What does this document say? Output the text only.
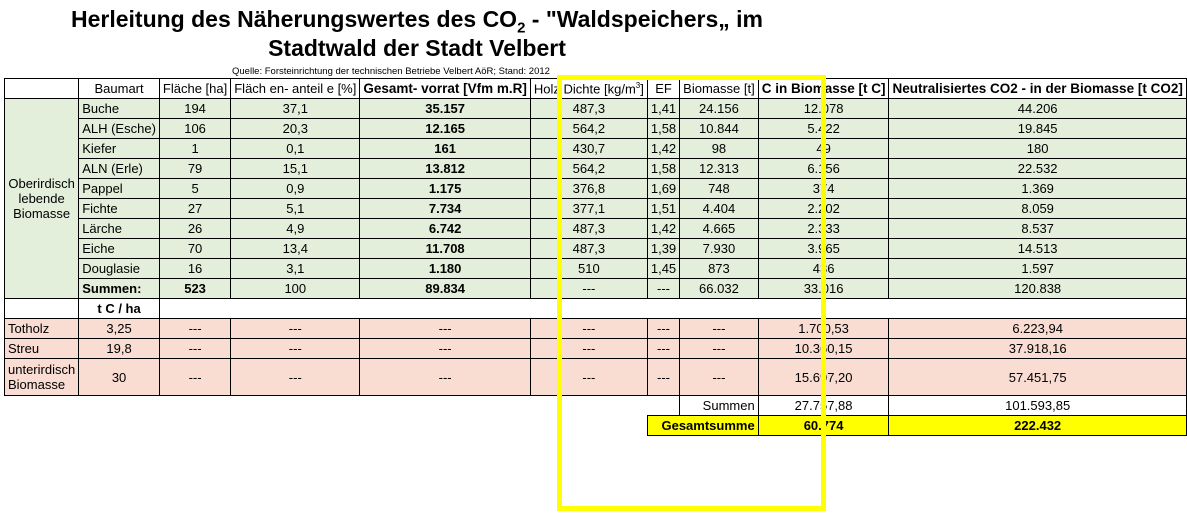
Herleitung des Näherungswertes des $CO_2$ - "Waldspeichers„ im
Stadtwald der Stadt Velbert
Quelle: Forsteinrichtung der technischen Betriebe Velbert AöR; Stand: 2012
	Baumart	Fläche [ha]	Fläch en- anteil e [%]	Gesamt- vorrat [Vfm m.R]	Holz Dichte $[kg/m^3]$	EF	Biomasse [t]	C in Biomasse [t C]	Neutralisiertes CO2 - in der Biomasse [t CO2]
Oberirdisch lebende Biomasse	Buche	194	37,1	35.157	487,3	1,41	24.156	12.078	44.206
	ALH (Esche)	106	20,3	12.165	564,2	1,58	10.844	5.422	19.845
	Kiefer	1	0,1	161	430,7	1,42	98	49	180
	ALN (Erle)	79	15,1	13.812	564,2	1,58	12.313	6.156	22.532
	Pappel	5	0,9	1.175	376,8	1,69	748	374	1.369
	Fichte	27	5,1	7.734	377,1	1,51	4.404	2.202	8.059
	Lärche	26	4,9	6.742	487,3	1,42	4.665	2.333	8.537
	Eiche	70	13,4	11.708	487,3	1,39	7.930	3.965	14.513
	Douglasie	16	3,1	1.180	510	1,45	873	436	1.597
	Summen:	523	100	89.834	---	---	66.032	33.016	120.838
	t C / ha								
Totholz	3,25	---	---	---	---	---	---	1.700,53	6.223,94
Streu	19,8	---	---	---	---	---	---	10.360,15	37.918,16
unterirdisch Biomasse	30	---	---	---	---	---	---	15.697,20	57.451,75
							Summen	27.757,88	101.593,85
						Gesamtsumme		60.774	222.432
